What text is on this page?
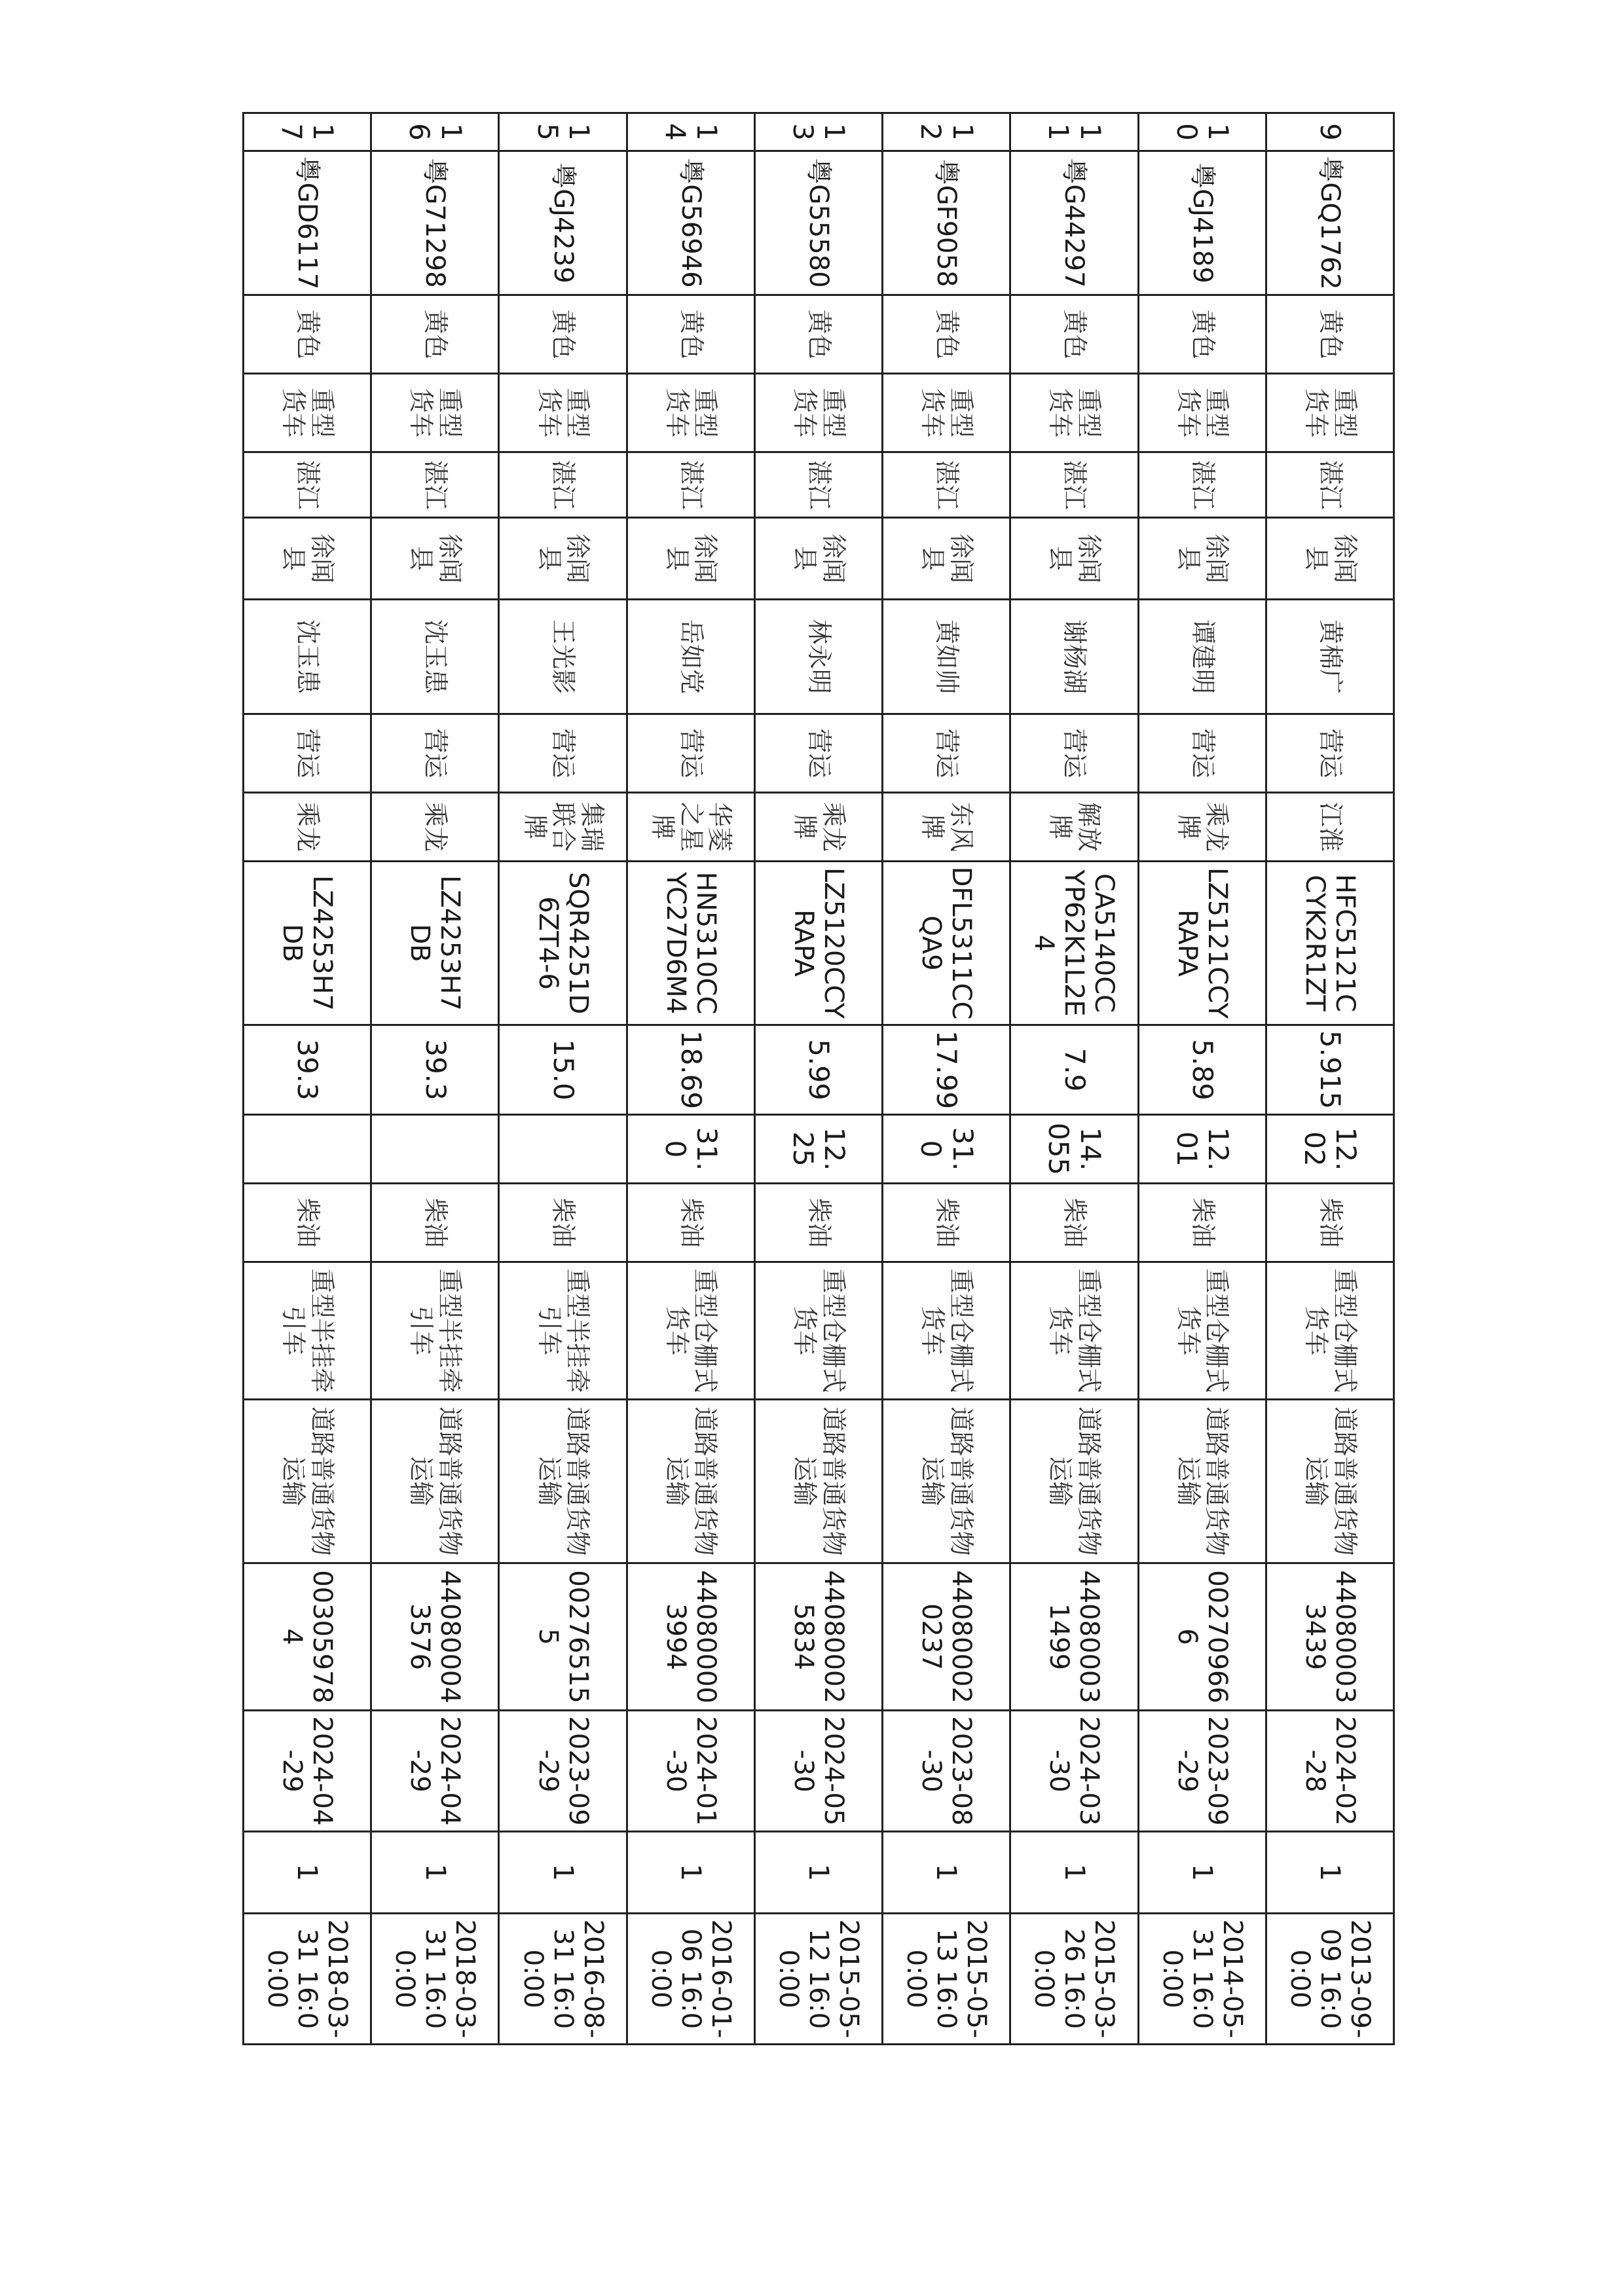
9	粤GQ1762	黄色	重型货车	湛江	徐闻县	黄棉广	营运	江淮	HFC5121CCYK2R1ZT	5.915	12.02	柴油	重型仓栅式货车	道路普通货物运输	440800033439	2024-02-28	1	2013-09-09 16:00:00
10	粤GJ4189	黄色	重型货车	湛江	徐闻县	谭建明	营运	乘龙牌	LZ5121CCYRAPA	5.89	12.01	柴油	重型仓栅式货车	道路普通货物运输	002709666	2023-09-29	1	2014-05-31 16:00:00
11	粤G44297	黄色	重型货车	湛江	徐闻县	谢杨湖	营运	解放牌	CA5140CCYP62K1L2E4	7.9	14.055	柴油	重型仓栅式货车	道路普通货物运输	440800031499	2024-03-30	1	2015-03-26 16:00:00
12	粤GF9058	黄色	重型货车	湛江	徐闻县	黄如帅	营运	东风牌	DFL5311CCQA9	17.99	31.0	柴油	重型仓栅式货车	道路普通货物运输	440800020237	2023-08-30	1	2015-05-13 16:00:00
13	粤G55580	黄色	重型货车	湛江	徐闻县	林永明	营运	乘龙牌	LZ5120CCYRAPA	5.99	12.25	柴油	重型仓栅式货车	道路普通货物运输	440800025834	2024-05-30	1	2015-05-12 16:00:00
14	粤G56946	黄色	重型货车	湛江	徐闻县	岳如党	营运	华菱之星牌	HN5310CCYC27D6M4	18.69	31.0	柴油	重型仓栅式货车	道路普通货物运输	440800003994	2024-01-30	1	2016-01-06 16:00:00
15	粤GJ4239	黄色	重型货车	湛江	徐闻县	王光影	营运	集瑞联合牌	SQR4251D6ZT4-6	15.0		柴油	重型半挂牵引车	道路普通货物运输	002765155	2023-09-29	1	2016-08-31 16:00:00
16	粤G71298	黄色	重型货车	湛江	徐闻县	沈玉患	营运	乘龙	LZ4253H7DB	39.3		柴油	重型半挂牵引车	道路普通货物运输	440800043576	2024-04-29	1	2018-03-31 16:00:00
17	粤GD6117	黄色	重型货车	湛江	徐闻县	沈玉患	营运	乘龙	LZ4253H7DB	39.3		柴油	重型半挂牵引车	道路普通货物运输	003059784	2024-04-29	1	2018-03-31 16:00:00
